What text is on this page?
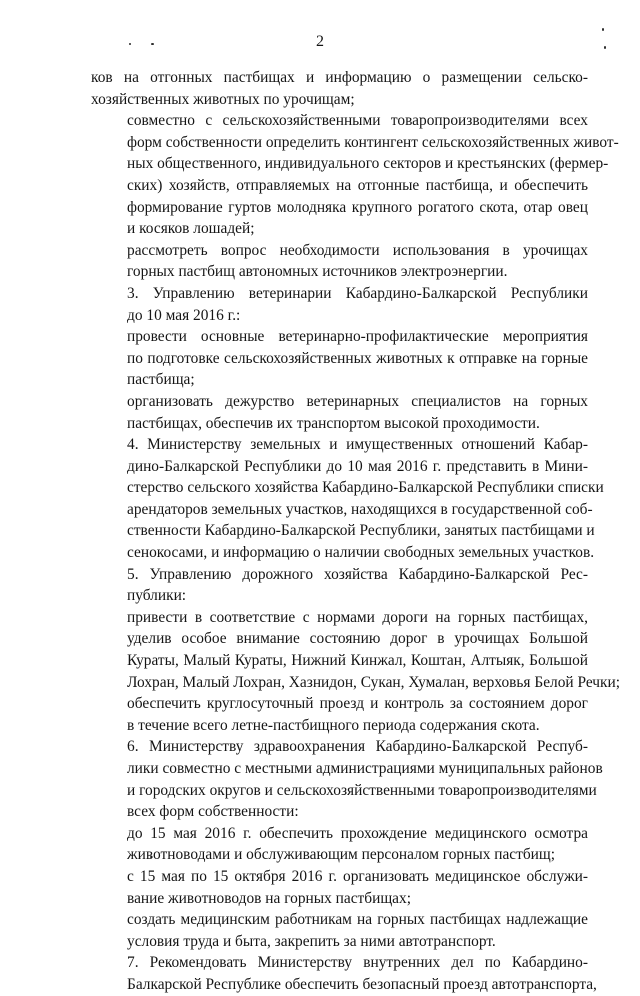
2

ков на отгонных пастбищах и информацию о размещении сельско-
хозяйственных животных по урочищам;

совместно с сельскохозяйственными товаропроизводителями всех
форм собственности определить контингент сельскохозяйственных живот-
ных общественного, индивидуального секторов и крестьянских (фермер-
ских) хозяйств, отправляемых на отгонные пастбища, и обеспечить
формирование гуртов молодняка крупного рогатого скота, отар овец
и косяков лошадей;

рассмотреть вопрос необходимости использования в урочищах
горных пастбищ автономных источников электроэнергии.

3. Управлению ветеринарии Кабардино-Балкарской Республики
до 10 мая 2016 г.:

провести основные ветеринарно-профилактические мероприятия
по подготовке сельскохозяйственных животных к отправке на горные
пастбища;

организовать дежурство ветеринарных специалистов на горных
пастбищах, обеспечив их транспортом высокой проходимости.

4. Министерству земельных и имущественных отношений Кабар-
дино-Балкарской Республики до 10 мая 2016 г. представить в Мини-
стерство сельского хозяйства Кабардино-Балкарской Республики списки
арендаторов земельных участков, находящихся в государственной соб-
ственности Кабардино-Балкарской Республики, занятых пастбищами и
сенокосами, и информацию о наличии свободных земельных участков.

5. Управлению дорожного хозяйства Кабардино-Балкарской Рес-
публики:

привести в соответствие с нормами дороги на горных пастбищах,
уделив особое внимание состоянию дорог в урочищах Большой
Кураты, Малый Кураты, Нижний Кинжал, Коштан, Алтыяк, Большой
Лохран, Малый Лохран, Хазнидон, Сукан, Хумалан, верховья Белой Речки;

обеспечить круглосуточный проезд и контроль за состоянием дорог
в течение всего летне-пастбищного периода содержания скота.

6. Министерству здравоохранения Кабардино-Балкарской Респуб-
лики совместно с местными администрациями муниципальных районов
и городских округов и сельскохозяйственными товаропроизводителями
всех форм собственности:

до 15 мая 2016 г. обеспечить прохождение медицинского осмотра
животноводами и обслуживающим персоналом горных пастбищ;

с 15 мая по 15 октября 2016 г. организовать медицинское обслужи-
вание животноводов на горных пастбищах;

создать медицинским работникам на горных пастбищах надлежащие
условия труда и быта, закрепить за ними автотранспорт.

7. Рекомендовать Министерству внутренних дел по Кабардино-
Балкарской Республике обеспечить безопасный проезд автотранспорта,
